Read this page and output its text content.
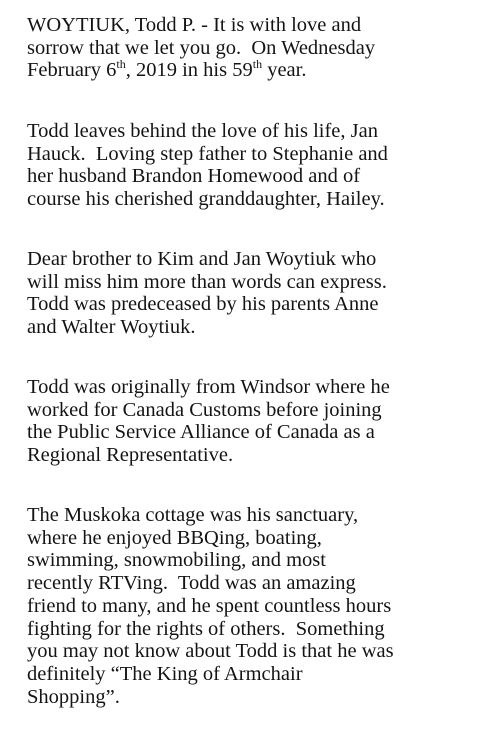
WOYTIUK, Todd P. - It is with love and
sorrow that we let you go.  On Wednesday
February 6th, 2019 in his 59th year.

Todd leaves behind the love of his life, Jan
Hauck.  Loving step father to Stephanie and
her husband Brandon Homewood and of
course his cherished granddaughter, Hailey.

Dear brother to Kim and Jan Woytiuk who
will miss him more than words can express.
Todd was predeceased by his parents Anne
and Walter Woytiuk.

Todd was originally from Windsor where he
worked for Canada Customs before joining
the Public Service Alliance of Canada as a
Regional Representative.

The Muskoka cottage was his sanctuary,
where he enjoyed BBQing, boating,
swimming, snowmobiling, and most
recently RTVing.  Todd was an amazing
friend to many, and he spent countless hours
fighting for the rights of others.  Something
you may not know about Todd is that he was
definitely “The King of Armchair
Shopping”.
